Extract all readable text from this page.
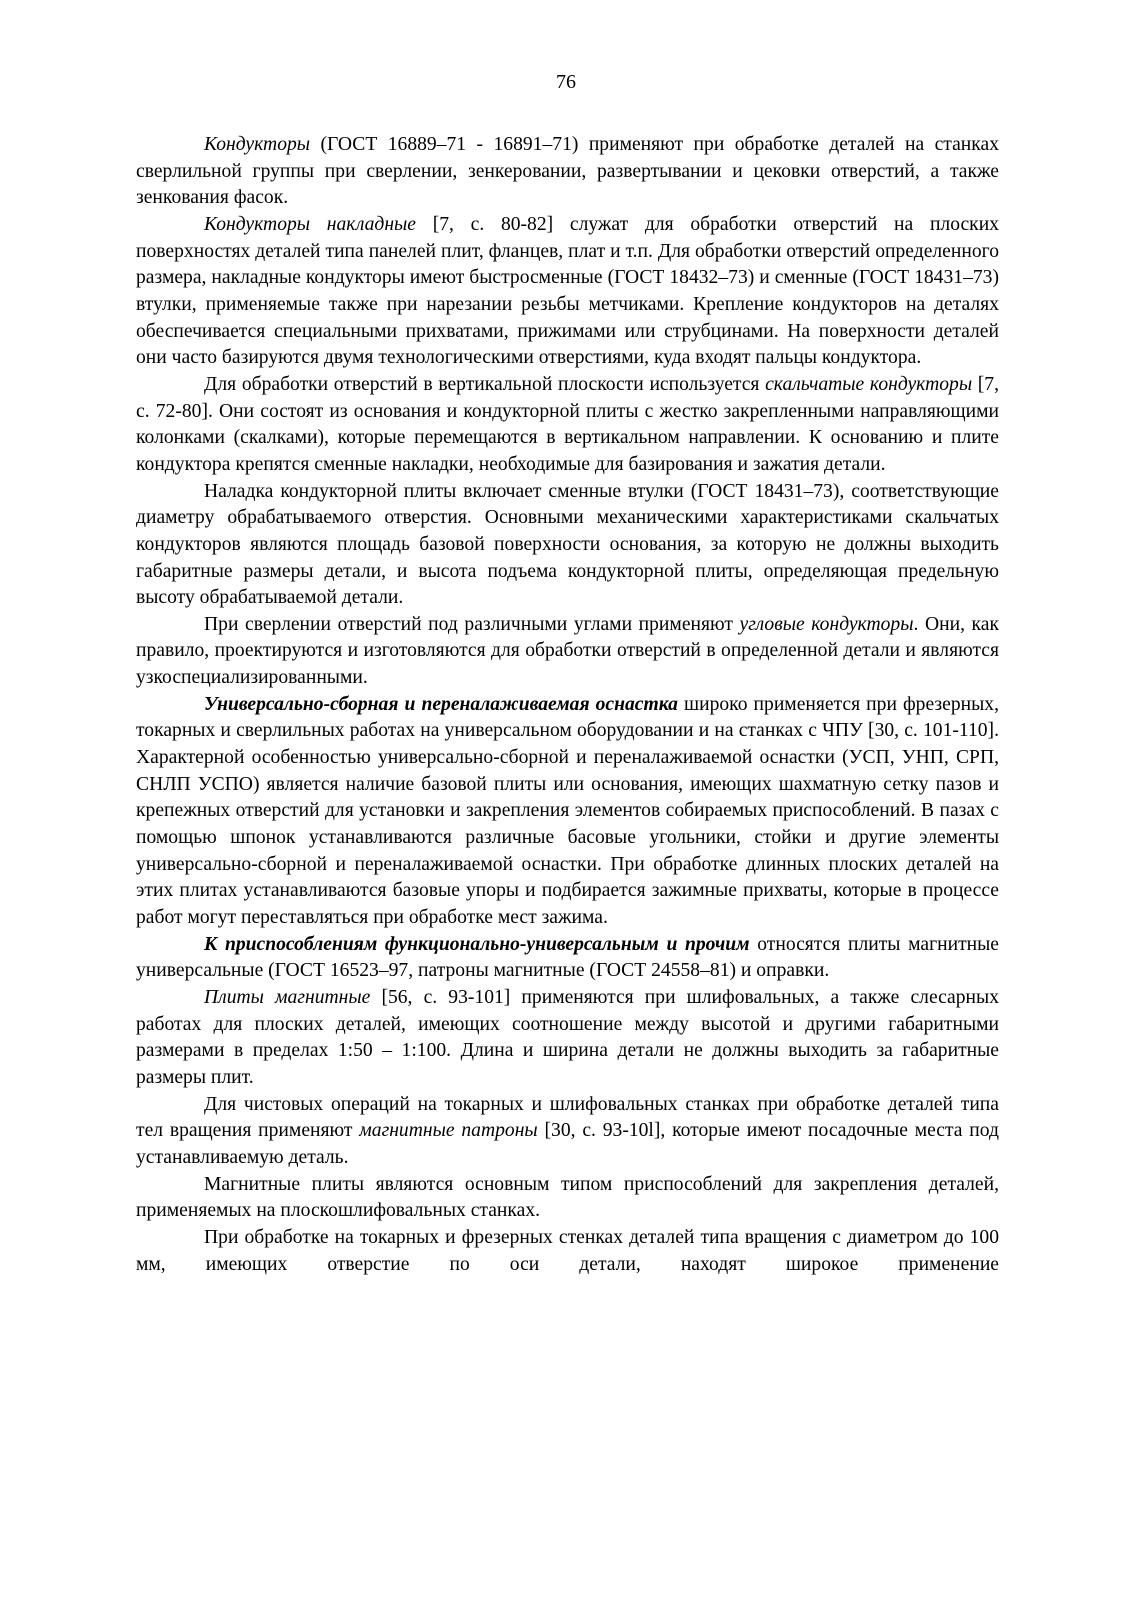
76

Кондукторы (ГОСТ 16889–71 - 16891–71) применяют при обработке деталей на станках сверлильной группы при сверлении, зенкеровании, развертывании и цековки отверстий, а также зенкования фасок.

Кондукторы накладные [7, с. 80-82] служат для обработки отверстий на плоских поверхностях деталей типа панелей плит, фланцев, плат и т.п. Для обработки отверстий определенного размера, накладные кондукторы имеют быстросменные (ГОСТ 18432–73) и сменные (ГОСТ 18431–73) втулки, применяемые также при нарезании резьбы метчиками. Крепление кондукторов на деталях обеспечивается специальными прихватами, прижимами или струбцинами. На поверхности деталей они часто базируются двумя технологическими отверстиями, куда входят пальцы кондуктора.

Для обработки отверстий в вертикальной плоскости используется скальчатые кондукторы [7, с. 72-80]. Они состоят из основания и кондукторной плиты с жестко закрепленными направляющими колонками (скалками), которые перемещаются в вертикальном направлении. К основанию и плите кондуктора крепятся сменные накладки, необходимые для базирования и зажатия детали.

Наладка кондукторной плиты включает сменные втулки (ГОСТ 18431–73), соответствующие диаметру обрабатываемого отверстия. Основными механическими характеристиками скальчатых кондукторов являются площадь базовой поверхности основания, за которую не должны выходить габаритные размеры детали, и высота подъема кондукторной плиты, определяющая предельную высоту обрабатываемой детали.

При сверлении отверстий под различными углами применяют угловые кондукторы. Они, как правило, проектируются и изготовляются для обработки отверстий в определенной детали и являются узкоспециализированными.

Универсально-сборная и переналаживаемая оснастка широко применяется при фрезерных, токарных и сверлильных работах на универсальном оборудовании и на станках с ЧПУ [30, с. 101-110]. Характерной особенностью универсально-сборной и переналаживаемой оснастки (УСП, УНП, СРП, СНЛП УСПО) является наличие базовой плиты или основания, имеющих шахматную сетку пазов и крепежных отверстий для установки и закрепления элементов собираемых приспособлений. В пазах с помощью шпонок устанавливаются различные басовые угольники, стойки и другие элементы универсально-сборной и переналаживаемой оснастки. При обработке длинных плоских деталей на этих плитах устанавливаются базовые упоры и подбирается зажимные прихваты, которые в процессе работ могут переставляться при обработке мест зажима.

К приспособлениям функционально-универсальным и прочим относятся плиты магнитные универсальные (ГОСТ 16523–97, патроны магнитные (ГОСТ 24558–81) и оправки.

Плиты магнитные [56, с. 93-101] применяются при шлифовальных, а также слесарных работах для плоских деталей, имеющих соотношение между высотой и другими габаритными размерами в пределах 1:50 – 1:100. Длина и ширина детали не должны выходить за габаритные размеры плит.

Для чистовых операций на токарных и шлифовальных станках при обработке деталей типа тел вращения применяют магнитные патроны [30, с. 93-10l], которые имеют посадочные места под устанавливаемую деталь.

Магнитные плиты являются основным типом приспособлений для закрепления деталей, применяемых на плоскошлифовальных станках.

При обработке на токарных и фрезерных стенках деталей типа вращения с диаметром до 100 мм, имеющих отверстие по оси детали, находят широкое применение
